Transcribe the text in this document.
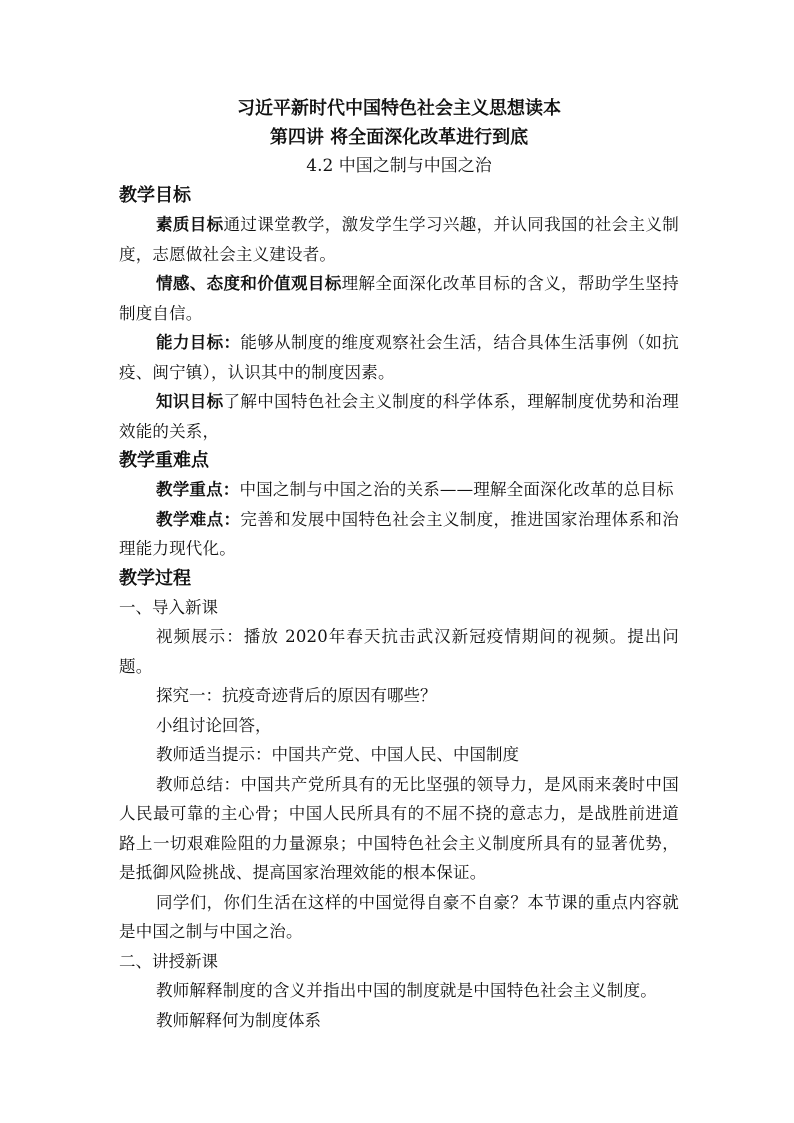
习近平新时代中国特色社会主义思想读本

第四讲 将全面深化改革进行到底

4.2 中国之制与中国之治

教学目标

素质目标通过课堂教学，激发学生学习兴趣，并认同我国的社会主义制度，志愿做社会主义建设者。

情感、态度和价值观目标理解全面深化改革目标的含义，帮助学生坚持制度自信。

能力目标：能够从制度的维度观察社会生活，结合具体生活事例（如抗疫、闽宁镇），认识其中的制度因素。

知识目标了解中国特色社会主义制度的科学体系，理解制度优势和治理效能的关系，

教学重难点

教学重点：中国之制与中国之治的关系——理解全面深化改革的总目标

教学难点：完善和发展中国特色社会主义制度，推进国家治理体系和治理能力现代化。

教学过程

一、导入新课

视频展示：播放 2020年春天抗击武汉新冠疫情期间的视频。提出问题。

探究一：抗疫奇迹背后的原因有哪些？

小组讨论回答，

教师适当提示：中国共产党、中国人民、中国制度

教师总结：中国共产党所具有的无比坚强的领导力，是风雨来袭时中国人民最可靠的主心骨；中国人民所具有的不屈不挠的意志力，是战胜前进道路上一切艰难险阻的力量源泉；中国特色社会主义制度所具有的显著优势，是抵御风险挑战、提高国家治理效能的根本保证。

同学们，你们生活在这样的中国觉得自豪不自豪？本节课的重点内容就是中国之制与中国之治。

二、讲授新课

教师解释制度的含义并指出中国的制度就是中国特色社会主义制度。

教师解释何为制度体系
